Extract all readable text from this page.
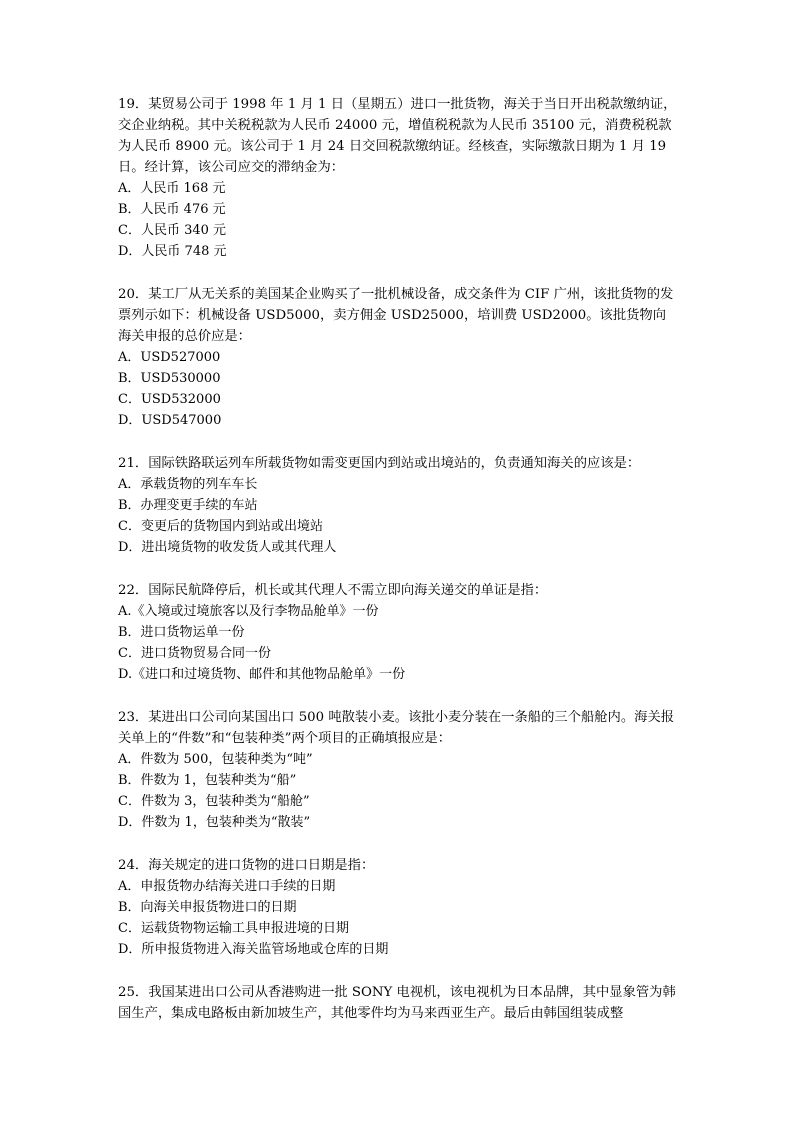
19．某贸易公司于 1998 年 1 月 1 日（星期五）进口一批货物，海关于当日开出税款缴纳证，交企业纳税。其中关税税款为人民币 24000 元，增值税税款为人民币 35100 元，消费税税款为人民币 8900 元。该公司于 1 月 24 日交回税款缴纳证。经核查，实际缴款日期为 1 月 19日。经计算，该公司应交的滞纳金为：

A．人民币 168 元

B．人民币 476 元

C．人民币 340 元

D．人民币 748 元

20．某工厂从无关系的美国某企业购买了一批机械设备，成交条件为 CIF 广州，该批货物的发票列示如下：机械设备 USD5000，卖方佣金 USD25000，培训费 USD2000。该批货物向海关申报的总价应是：

A．USD527000

B．USD530000

C．USD532000

D．USD547000

21．国际铁路联运列车所载货物如需变更国内到站或出境站的，负责通知海关的应该是：

A．承载货物的列车车长

B．办理变更手续的车站

C．变更后的货物国内到站或出境站

D．进出境货物的收发货人或其代理人

22．国际民航降停后，机长或其代理人不需立即向海关递交的单证是指：

A.《入境或过境旅客以及行李物品舱单》一份

B．进口货物运单一份

C．进口货物贸易合同一份

D.《进口和过境货物、邮件和其他物品舱单》一份

23．某进出口公司向某国出口 500 吨散装小麦。该批小麦分装在一条船的三个船舱内。海关报关单上的“件数”和“包装种类”两个项目的正确填报应是：

A．件数为 500，包装种类为“吨”

B．件数为 1，包装种类为“船”

C．件数为 3，包装种类为“船舱”

D．件数为 1，包装种类为“散装”

24．海关规定的进口货物的进口日期是指：

A．申报货物办结海关进口手续的日期

B．向海关申报货物进口的日期

C．运载货物物运输工具申报进境的日期

D．所申报货物进入海关监管场地或仓库的日期

25．我国某进出口公司从香港购进一批 SONY 电视机，该电视机为日本品牌，其中显象管为韩国生产，集成电路板由新加坡生产，其他零件均为马来西亚生产。最后由韩国组装成整
